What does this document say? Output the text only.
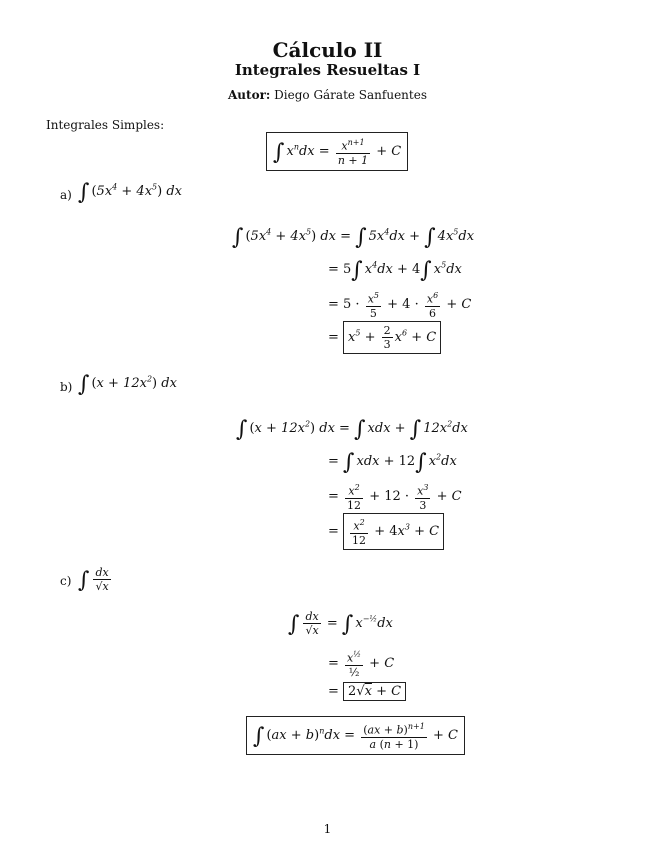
Cálculo II
Integrales Resueltas I
Autor: Diego Gárate Sanfuentes
Integrales Simples:
∫ $x^ndx = \frac{x^{n+1}}{n + 1} + C$
a) ∫ $(5x^4 + 4x^5)$ dx
∫ $(5x^4 + 4x^5)$ dx = ∫ $5x^4dx$ + ∫ $4x^5dx$
= 5∫ $x^4dx + 4\int$ $x^5dx$
= $5 \cdot \frac{x^5}{5} + 4 \cdot \frac{x^6}{6} + C$
= $x^5 + \frac{2}{3} x^6 + C$
b) ∫ $(x + 12x^2)$ dx
∫ $(x + 12x^2)$ dx = ∫ xdx + ∫ $12x^2dx$
= ∫ xdx + 12∫ $x^2dx$
= $\frac{x^2}{12} + 12 \cdot \frac{x^3}{3} + C$
= $\frac{x^2}{12} + 4x^3 + C$
c) ∫ $\frac{dx}{√x}$
∫ $\frac{dx}{√x}$ = ∫ $x^{-\frac{1}{2}}dx$
= $\frac{x^{\frac{1}{2}}}{\text{½}} + C$
= 2√x + C
∫ $(ax + b)^ndx = \frac{(ax + b)^{n+1}}{a (n + 1)} + C$
1
